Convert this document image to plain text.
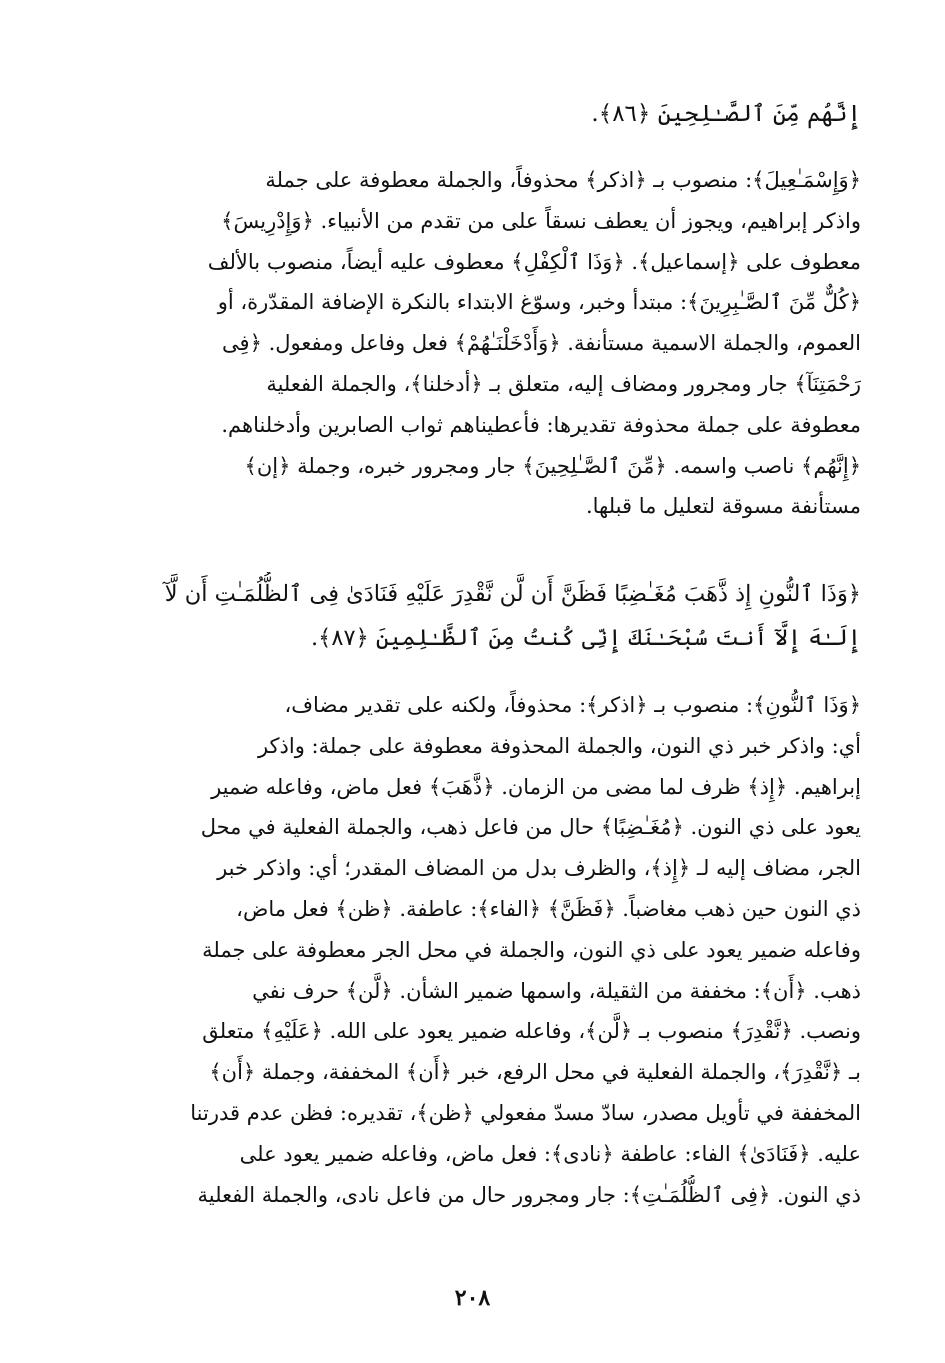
إِنَّهُم مِّنَ ٱلصَّـٰلِحِينَ ﴿٨٦﴾.

﴿وَإِسْمَـٰعِيلَ﴾: منصوب بـ ﴿اذكر﴾ محذوفاً، والجملة معطوفة على جملة
واذكر إبراهيم، ويجوز أن يعطف نسقاً على من تقدم من الأنبياء. ﴿وَإِدْرِيسَ﴾
معطوف على ﴿إسماعيل﴾. ﴿وَذَا ٱلْكِفْلِ﴾ معطوف عليه أيضاً، منصوب بالألف
﴿كُلٌّ مِّنَ ٱلصَّـٰبِرِينَ﴾: مبتدأ وخبر، وسوّغ الابتداء بالنكرة الإضافة المقدّرة، أو
العموم، والجملة الاسمية مستأنفة. ﴿وَأَدْخَلْنَـٰهُمْ﴾ فعل وفاعل ومفعول. ﴿فِى
رَحْمَتِنَآ﴾ جار ومجرور ومضاف إليه، متعلق بـ ﴿أدخلنا﴾، والجملة الفعلية
معطوفة على جملة محذوفة تقديرها: فأعطيناهم ثواب الصابرين وأدخلناهم.
﴿إِنَّهُم﴾ ناصب واسمه. ﴿مِّنَ ٱلصَّـٰلِحِينَ﴾ جار ومجرور خبره، وجملة ﴿إن﴾
مستأنفة مسوقة لتعليل ما قبلها.

﴿وَذَا ٱلنُّونِ إِذ ذَّهَبَ مُغَـٰضِبًا فَظَنَّ أَن لَّن نَّقْدِرَ عَلَيْهِ فَنَادَىٰ فِى ٱلظُّلُمَـٰتِ أَن لَّآ
إِلَـٰهَ إِلَّآ أَنتَ سُبْحَـٰنَكَ إِنِّى كُنتُ مِنَ ٱلظَّـٰلِمِينَ ﴿٨٧﴾.

﴿وَذَا ٱلنُّونِ﴾: منصوب بـ ﴿اذكر﴾: محذوفاً، ولكنه على تقدير مضاف،
أي: واذكر خبر ذي النون، والجملة المحذوفة معطوفة على جملة: واذكر
إبراهيم. ﴿إِذ﴾ ظرف لما مضى من الزمان. ﴿ذَّهَبَ﴾ فعل ماض، وفاعله ضمير
يعود على ذي النون. ﴿مُغَـٰضِبًا﴾ حال من فاعل ذهب، والجملة الفعلية في محل
الجر، مضاف إليه لـ ﴿إِذ﴾، والظرف بدل من المضاف المقدر؛ أي: واذكر خبر
ذي النون حين ذهب مغاضباً. ﴿فَظَنَّ﴾ ﴿الفاء﴾: عاطفة. ﴿ظن﴾ فعل ماض،
وفاعله ضمير يعود على ذي النون، والجملة في محل الجر معطوفة على جملة
ذهب. ﴿أَن﴾: مخففة من الثقيلة، واسمها ضمير الشأن. ﴿لَّن﴾ حرف نفي
ونصب. ﴿نَّقْدِرَ﴾ منصوب بـ ﴿لَّن﴾، وفاعله ضمير يعود على الله. ﴿عَلَيْهِ﴾ متعلق
بـ ﴿نَّقْدِرَ﴾، والجملة الفعلية في محل الرفع، خبر ﴿أَن﴾ المخففة، وجملة ﴿أَن﴾
المخففة في تأويل مصدر، سادّ مسدّ مفعولي ﴿ظن﴾، تقديره: فظن عدم قدرتنا
عليه. ﴿فَنَادَىٰ﴾ الفاء: عاطفة ﴿نادى﴾: فعل ماض، وفاعله ضمير يعود على
ذي النون. ﴿فِى ٱلظُّلُمَـٰتِ﴾: جار ومجرور حال من فاعل نادى، والجملة الفعلية

٢٠٨
